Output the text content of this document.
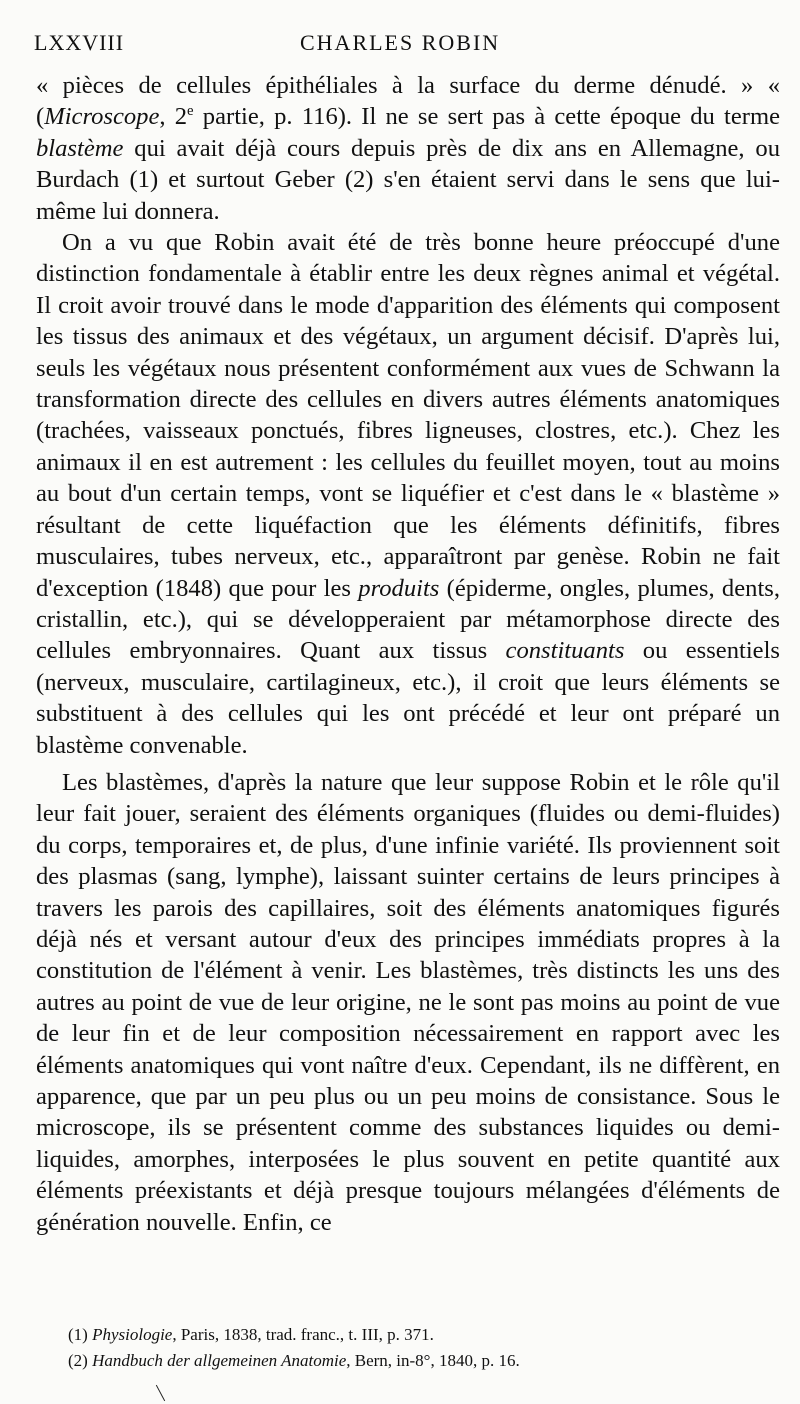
LXXVIII	CHARLES ROBIN

« pièces de cellules épithéliales à la surface du derme dénudé. » « (Microscope, 2e partie, p. 116). Il ne se sert pas à cette époque du terme blastème qui avait déjà cours depuis près de dix ans en Allemagne, ou Burdach (1) et surtout Geber (2) s'en étaient servi dans le sens que lui-même lui donnera.

On a vu que Robin avait été de très bonne heure préoccupé d'une distinction fondamentale à établir entre les deux règnes animal et végétal. Il croit avoir trouvé dans le mode d'apparition des éléments qui composent les tissus des animaux et des végétaux, un argument décisif. D'après lui, seuls les végétaux nous présentent conformément aux vues de Schwann la transformation directe des cellules en divers autres éléments anatomiques (trachées, vaisseaux ponctués, fibres ligneuses, clostres, etc.). Chez les animaux il en est autrement : les cellules du feuillet moyen, tout au moins au bout d'un certain temps, vont se liquéfier et c'est dans le « blastème » résultant de cette liquéfaction que les éléments définitifs, fibres musculaires, tubes nerveux, etc., apparaîtront par genèse. Robin ne fait d'exception (1848) que pour les produits (épiderme, ongles, plumes, dents, cristallin, etc.), qui se développeraient par métamorphose directe des cellules embryonnaires. Quant aux tissus constituants ou essentiels (nerveux, musculaire, cartilagineux, etc.), il croit que leurs éléments se substituent à des cellules qui les ont précédé et leur ont préparé un blastème convenable.

Les blastèmes, d'après la nature que leur suppose Robin et le rôle qu'il leur fait jouer, seraient des éléments organiques (fluides ou demi-fluides) du corps, temporaires et, de plus, d'une infinie variété. Ils proviennent soit des plasmas (sang, lymphe), laissant suinter certains de leurs principes à travers les parois des capillaires, soit des éléments anatomiques figurés déjà nés et versant autour d'eux des principes immédiats propres à la constitution de l'élément à venir. Les blastèmes, très distincts les uns des autres au point de vue de leur origine, ne le sont pas moins au point de vue de leur fin et de leur composition nécessairement en rapport avec les éléments anatomiques qui vont naître d'eux. Cependant, ils ne diffèrent, en apparence, que par un peu plus ou un peu moins de consistance. Sous le microscope, ils se présentent comme des substances liquides ou demi-liquides, amorphes, interposées le plus souvent en petite quantité aux éléments préexistants et déjà presque toujours mélangées d'éléments de génération nouvelle. Enfin, ce

(1) Physiologie, Paris, 1838, trad. franc., t. III, p. 371.

(2) Handbuch der allgemeinen Anatomie, Bern, in-8°, 1840, p. 16.
